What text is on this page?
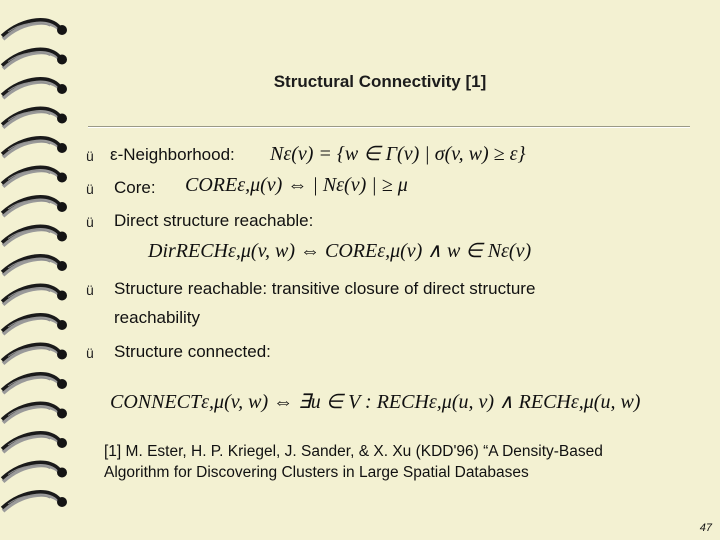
Structural Connectivity [1]
ü ε-Neighborhood: Nε(v) = {w ∈ Γ(v) | σ(v, w) ≥ ε}
ü Core: COREε,μ(v) ⇔ | Nε(v) | ≥ μ
ü Direct structure reachable:
DirRECHε,μ(v, w) ⇔ COREε,μ(v) ∧ w ∈ Nε(v)
ü Structure reachable: transitive closure of direct structure
reachability
ü Structure connected:
CONNECTε,μ(v, w) ⇔ ∃u ∈ V : RECHε,μ(u, v) ∧ RECHε,μ(u, w)
[1] M. Ester, H. P. Kriegel, J. Sander, & X. Xu (KDD'96) “A Density-Based
Algorithm for Discovering Clusters in Large Spatial Databases
47
